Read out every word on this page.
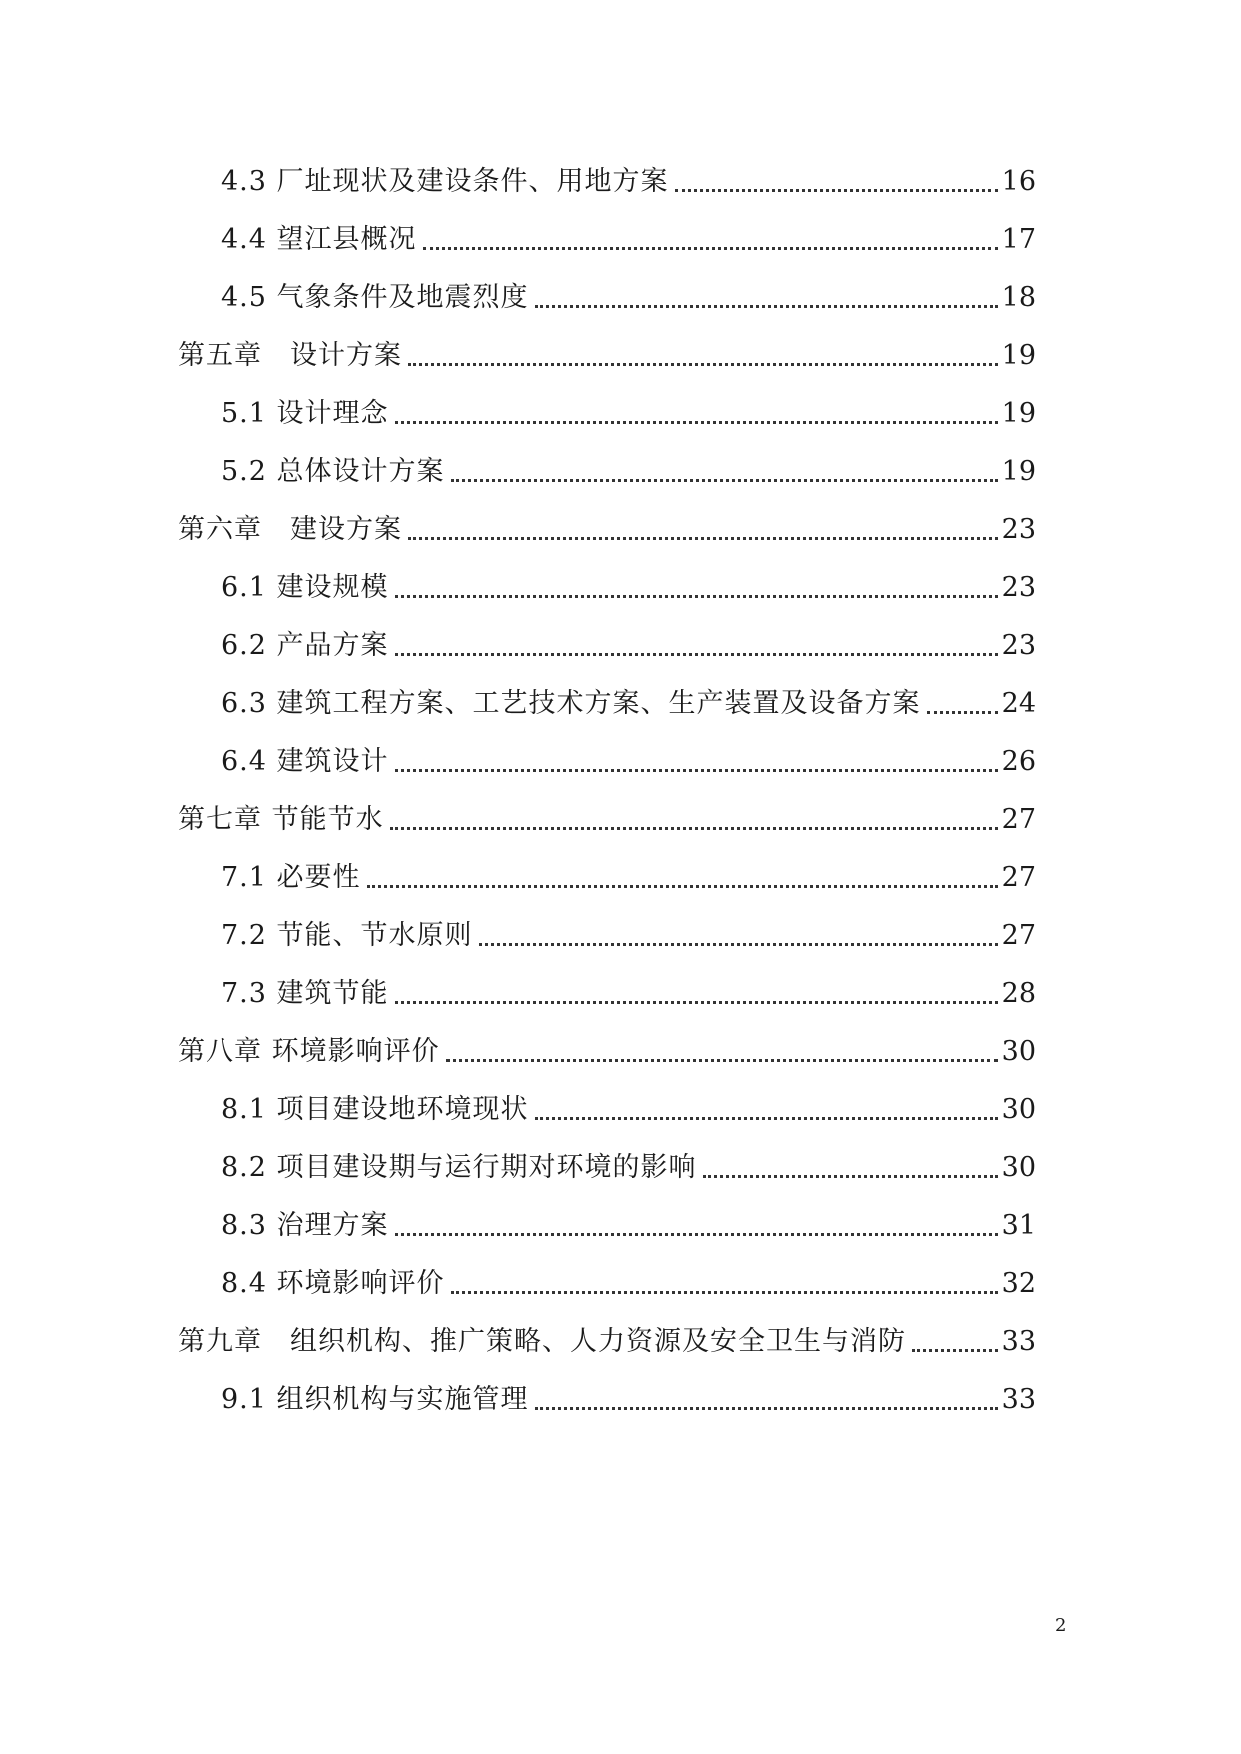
4.3 厂址现状及建设条件、用地方案	16
4.4 望江县概况	17
4.5 气象条件及地震烈度	18
第五章　设计方案	19
5.1 设计理念	19
5.2 总体设计方案	19
第六章　建设方案	23
6.1 建设规模	23
6.2 产品方案	23
6.3 建筑工程方案、工艺技术方案、生产装置及设备方案	24
6.4 建筑设计	26
第七章 节能节水	27
7.1 必要性	27
7.2 节能、节水原则	27
7.3 建筑节能	28
第八章 环境影响评价	30
8.1 项目建设地环境现状	30
8.2 项目建设期与运行期对环境的影响	30
8.3 治理方案	31
8.4 环境影响评价	32
第九章　组织机构、推广策略、人力资源及安全卫生与消防	33
9.1 组织机构与实施管理	33
2
